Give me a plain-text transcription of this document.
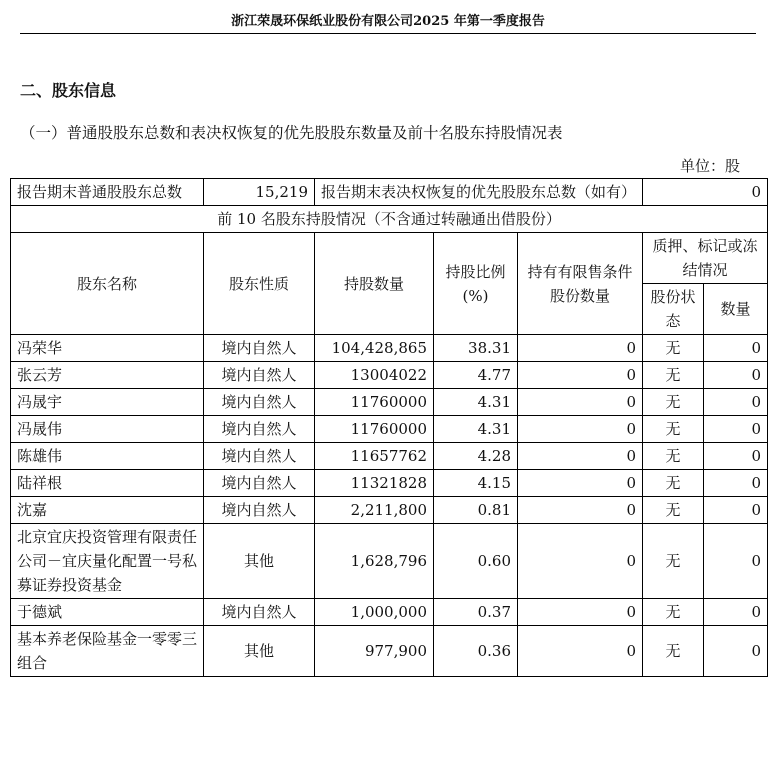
浙江荣晟环保纸业股份有限公司2025 年第一季度报告
二、股东信息
（一）普通股股东总数和表决权恢复的优先股股东数量及前十名股东持股情况表
单位：股
报告期末普通股股东总数	15,219	报告期末表决权恢复的优先股股东总数（如有）			0	
前 10 名股东持股情况（不含通过转融通出借股份）						
股东名称	股东性质	持股数量	持股比例(%)	持有有限售条件股份数量	质押、标记或冻结情况	
					股份状态	数量
冯荣华	境内自然人	104,428,865	38.31	0	无	0
张云芳	境内自然人	13004022	4.77	0	无	0
冯晟宇	境内自然人	11760000	4.31	0	无	0
冯晟伟	境内自然人	11760000	4.31	0	无	0
陈雄伟	境内自然人	11657762	4.28	0	无	0
陆祥根	境内自然人	11321828	4.15	0	无	0
沈嘉	境内自然人	2,211,800	0.81	0	无	0
北京宜庆投资管理有限责任公司－宜庆量化配置一号私募证券投资基金	其他	1,628,796	0.60	0	无	0
于德斌	境内自然人	1,000,000	0.37	0	无	0
基本养老保险基金一零零三组合	其他	977,900	0.36	0	无	0
